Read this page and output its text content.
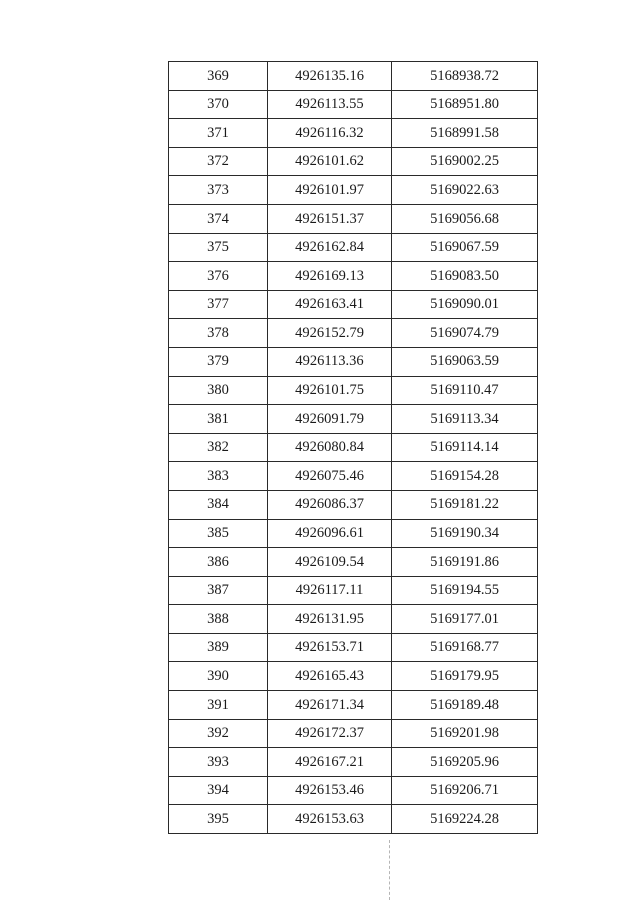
369	4926135.16	5168938.72
370	4926113.55	5168951.80
371	4926116.32	5168991.58
372	4926101.62	5169002.25
373	4926101.97	5169022.63
374	4926151.37	5169056.68
375	4926162.84	5169067.59
376	4926169.13	5169083.50
377	4926163.41	5169090.01
378	4926152.79	5169074.79
379	4926113.36	5169063.59
380	4926101.75	5169110.47
381	4926091.79	5169113.34
382	4926080.84	5169114.14
383	4926075.46	5169154.28
384	4926086.37	5169181.22
385	4926096.61	5169190.34
386	4926109.54	5169191.86
387	4926117.11	5169194.55
388	4926131.95	5169177.01
389	4926153.71	5169168.77
390	4926165.43	5169179.95
391	4926171.34	5169189.48
392	4926172.37	5169201.98
393	4926167.21	5169205.96
394	4926153.46	5169206.71
395	4926153.63	5169224.28
